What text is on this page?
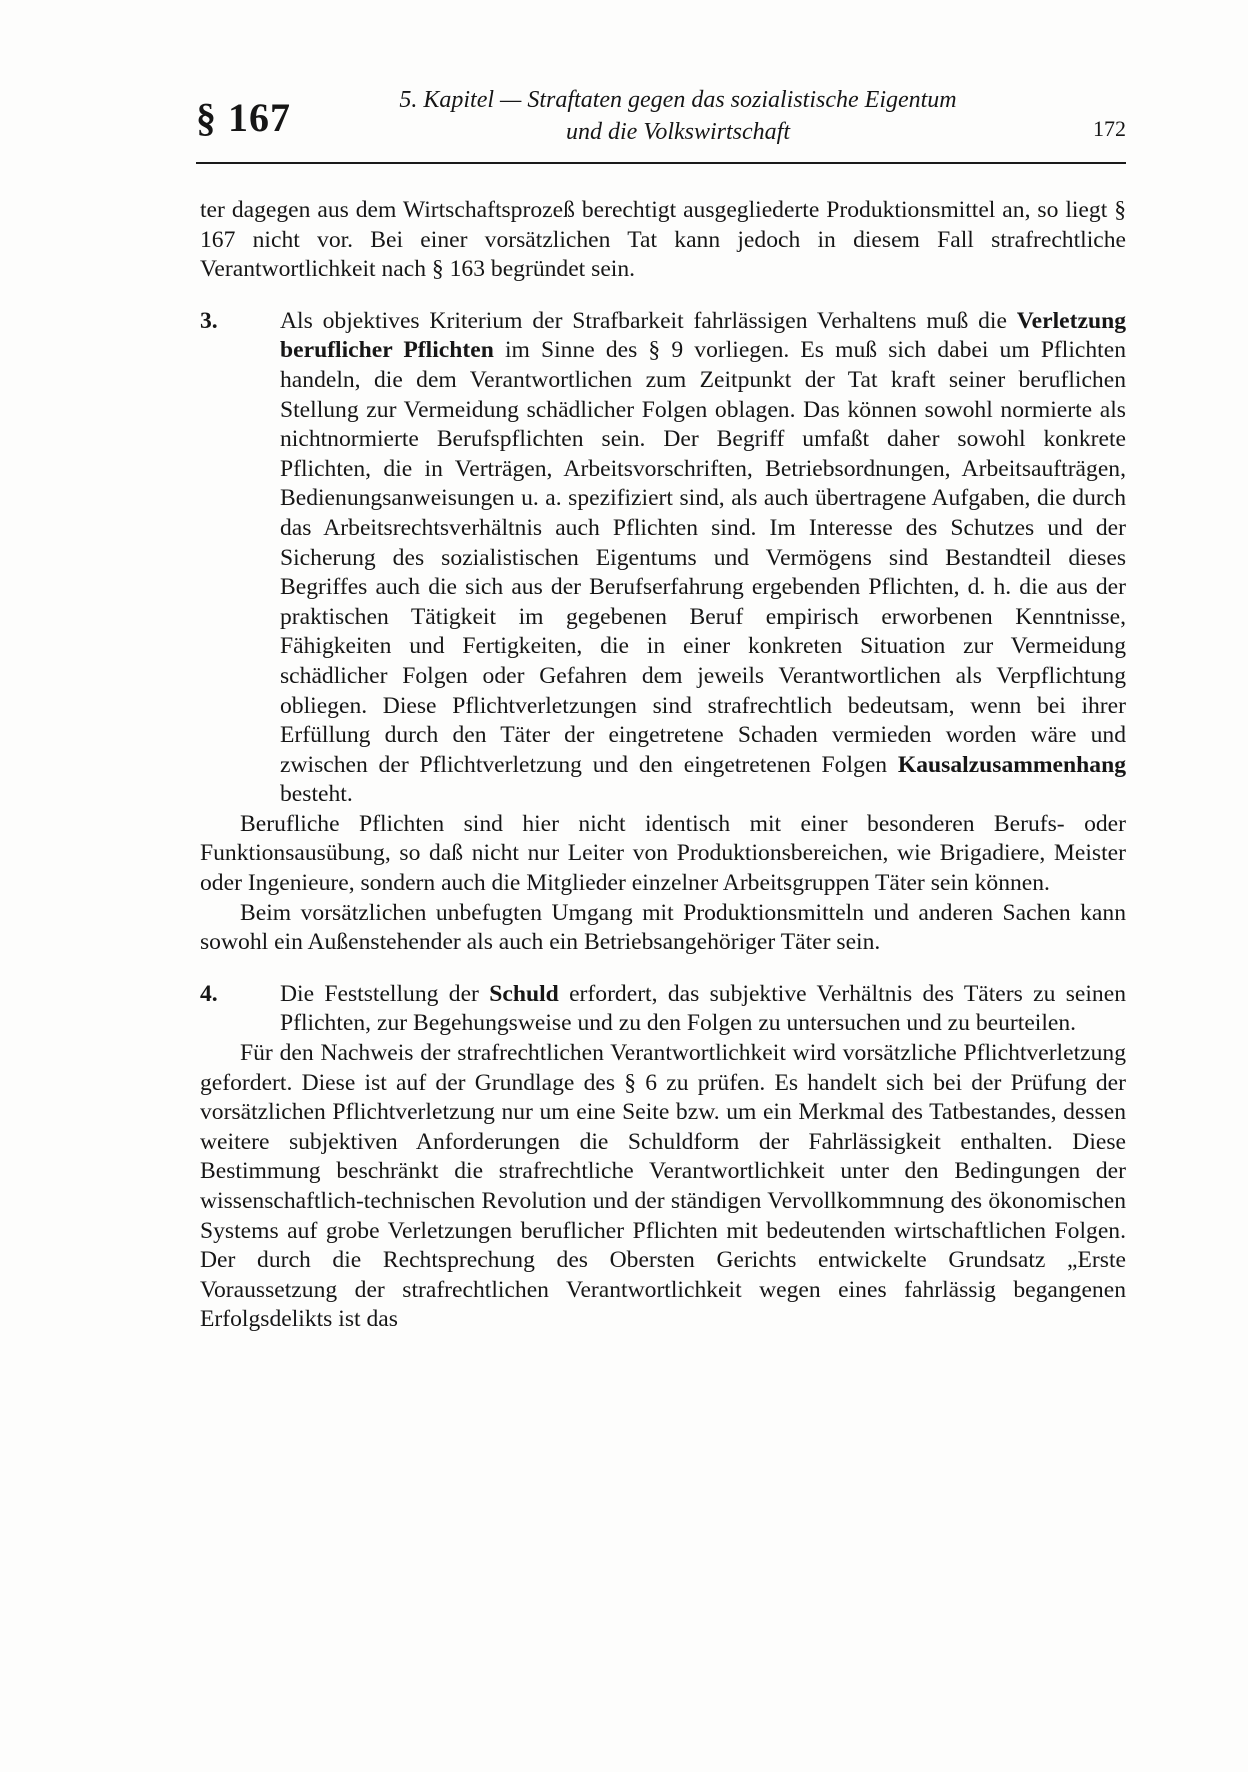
§ 167	5. Kapitel — Straftaten gegen das sozialistische Eigentum
und die Volkswirtschaft	172

ter dagegen aus dem Wirtschaftsprozeß berechtigt ausgegliederte Produktionsmittel an, so liegt § 167 nicht vor. Bei einer vorsätzlichen Tat kann jedoch in diesem Fall strafrechtliche Verantwortlichkeit nach § 163 begründet sein.

3.	Als objektives Kriterium der Strafbarkeit fahrlässigen Verhaltens muß die Verletzung beruflicher Pflichten im Sinne des § 9 vorliegen. Es muß sich dabei um Pflichten handeln, die dem Verantwortlichen zum Zeitpunkt der Tat kraft seiner beruflichen Stellung zur Vermeidung schädlicher Folgen oblagen. Das können sowohl normierte als nichtnormierte Berufspflichten sein. Der Begriff umfaßt daher sowohl konkrete Pflichten, die in Verträgen, Arbeitsvorschriften, Betriebsordnungen, Arbeitsaufträgen, Bedienungsanweisungen u. a. spezifiziert sind, als auch übertragene Aufgaben, die durch das Arbeitsrechtsverhältnis auch Pflichten sind. Im Interesse des Schutzes und der Sicherung des sozialistischen Eigentums und Vermögens sind Bestandteil dieses Begriffes auch die sich aus der Berufserfahrung ergebenden Pflichten, d. h. die aus der praktischen Tätigkeit im gegebenen Beruf empirisch erworbenen Kenntnisse, Fähigkeiten und Fertigkeiten, die in einer konkreten Situation zur Vermeidung schädlicher Folgen oder Gefahren dem jeweils Verantwortlichen als Verpflichtung obliegen. Diese Pflichtverletzungen sind strafrechtlich bedeutsam, wenn bei ihrer Erfüllung durch den Täter der eingetretene Schaden vermieden worden wäre und zwischen der Pflichtverletzung und den eingetretenen Folgen Kausalzusammenhang besteht.

Berufliche Pflichten sind hier nicht identisch mit einer besonderen Berufs- oder Funktionsausübung, so daß nicht nur Leiter von Produktionsbereichen, wie Brigadiere, Meister oder Ingenieure, sondern auch die Mitglieder einzelner Arbeitsgruppen Täter sein können.

Beim vorsätzlichen unbefugten Umgang mit Produktionsmitteln und anderen Sachen kann sowohl ein Außenstehender als auch ein Betriebsangehöriger Täter sein.

4.	Die Feststellung der Schuld erfordert, das subjektive Verhältnis des Täters zu seinen Pflichten, zur Begehungsweise und zu den Folgen zu untersuchen und zu beurteilen.

Für den Nachweis der strafrechtlichen Verantwortlichkeit wird vorsätzliche Pflichtverletzung gefordert. Diese ist auf der Grundlage des § 6 zu prüfen. Es handelt sich bei der Prüfung der vorsätzlichen Pflichtverletzung nur um eine Seite bzw. um ein Merkmal des Tatbestandes, dessen weitere subjektiven Anforderungen die Schuldform der Fahrlässigkeit enthalten. Diese Bestimmung beschränkt die strafrechtliche Verantwortlichkeit unter den Bedingungen der wissenschaftlich-technischen Revolution und der ständigen Vervollkommnung des ökonomischen Systems auf grobe Verletzungen beruflicher Pflichten mit bedeutenden wirtschaftlichen Folgen. Der durch die Rechtsprechung des Obersten Gerichts entwickelte Grundsatz „Erste Voraussetzung der strafrechtlichen Verantwortlichkeit wegen eines fahrlässig begangenen Erfolgsdelikts ist das
